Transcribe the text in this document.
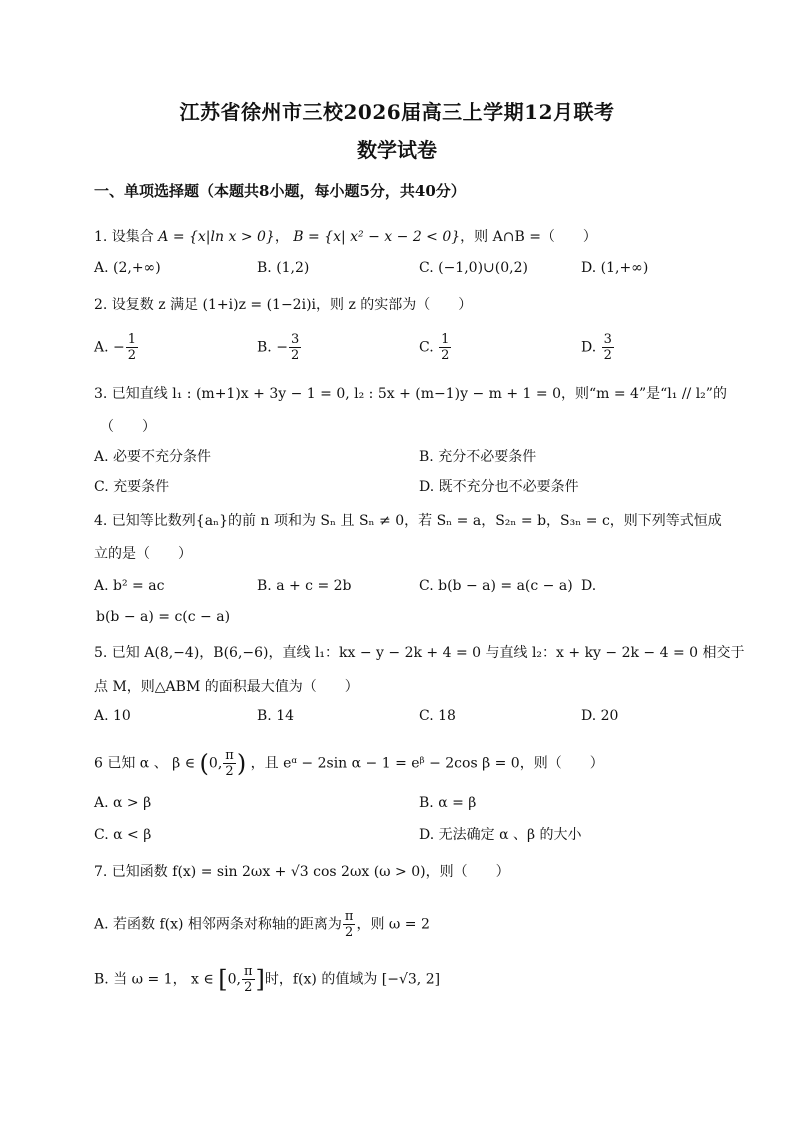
江苏省徐州市三校2026届高三上学期12月联考
数学试卷
一、单项选择题（本题共8小题，每小题5分，共40分）
1. 设集合 A = {x|ln x > 0}， B = {x| x² − x − 2 < 0}，则 A∩B =（　　）
A. (2,+∞)	B. (1,2)	C. (−1,0)∪(0,2)	D. (1,+∞)
2. 设复数 z 满足 (1+i)z = (1−2i)i，则 z 的实部为（　　）
A. − $\frac{1}{2}$	B. − $\frac{3}{2}$	C. $\frac{1}{2}$	D. $\frac{3}{2}$
3. 已知直线 l₁ : (m+1)x + 3y − 1 = 0, l₂ : 5x + (m−1)y − m + 1 = 0，则“m = 4”是“l₁ // l₂”的
（　　）
A. 必要不充分条件	B. 充分不必要条件
C. 充要条件	D. 既不充分也不必要条件
4. 已知等比数列{aₙ}的前 n 项和为 Sₙ 且 Sₙ ≠ 0，若 Sₙ = a，S₂ₙ = b，S₃ₙ = c，则下列等式恒成
立的是（　　）
A. b² = ac	B. a + c = 2b	C. b(b − a) = a(c − a) D.
b(b − a) = c(c − a)
5. 已知 A(8,−4)，B(6,−6)，直线 l₁：kx − y − 2k + 4 = 0 与直线 l₂：x + ky − 2k − 4 = 0 相交于
点 M，则△ABM 的面积最大值为（　　）
A. 10	B. 14	C. 18	D. 20
6 已知 α 、 β ∈ (0, $\frac{\pi}{2}$ ) ，且 eᵅ − 2sin α − 1 = eᵝ − 2cos β = 0，则（　　）
A. α > β	B. α = β
C. α < β	D. 无法确定 α 、β 的大小
7. 已知函数 f(x) = sin 2ωx + √3 cos 2ωx (ω > 0)，则（　　）
A. 若函数 f(x) 相邻两条对称轴的距离为 $\frac{\pi}{2}$ ，则 ω = 2
B. 当 ω = 1， x ∈ [0, $\frac{\pi}{2}$ ]时，f(x) 的值域为 [−√3, 2]
